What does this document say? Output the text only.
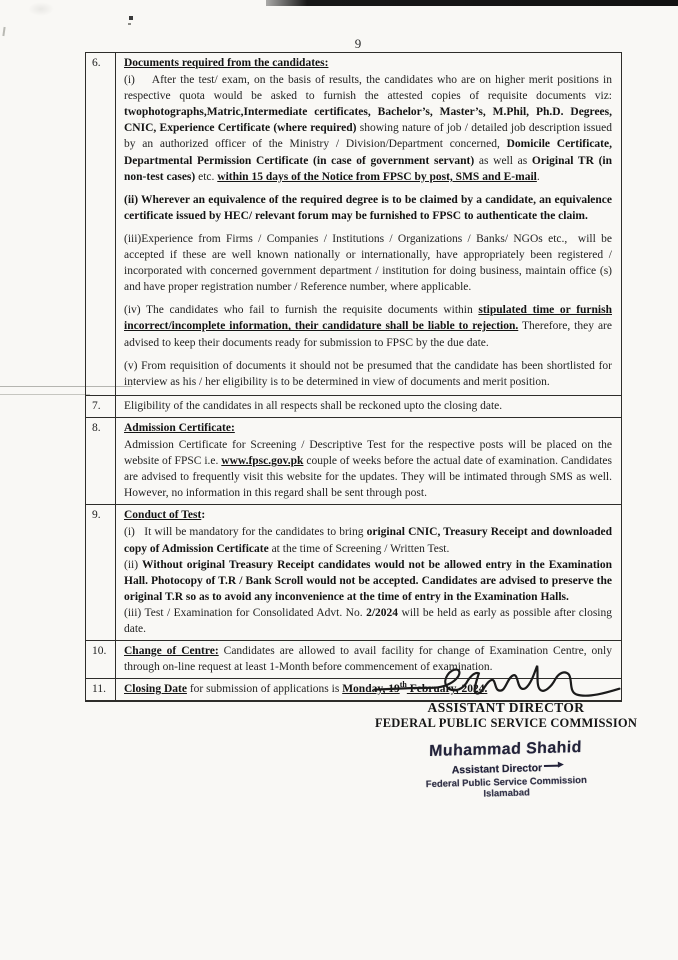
9
6.	Documents required from the candidates:

(i)    After the test/ exam, on the basis of results, the candidates who are on higher merit positions in respective quota would be asked to furnish the attested copies of requisite documents viz: twophotographs,Matric,Intermediate certificates, Bachelor’s, Master’s, M.Phil, Ph.D. Degrees, CNIC, Experience Certificate (where required) showing nature of job / detailed job description issued by an authorized officer of the Ministry / Division/Department concerned, Domicile Certificate, Departmental Permission Certificate (in case of government servant) as well as Original TR (in non-test cases) etc. within 15 days of the Notice from FPSC by post, SMS and E-mail.

(ii) Wherever an equivalence of the required degree is to be claimed by a candidate, an equivalence certificate issued by HEC/ relevant forum may be furnished to FPSC to authenticate the claim.

(iii)Experience from Firms / Companies / Institutions / Organizations / Banks/ NGOs etc.,  will be accepted if these are well known nationally or internationally, have appropriately been registered / incorporated with concerned government department / institution for doing business, maintain office (s) and have proper registration number / Reference number, where applicable.

(iv) The candidates who fail to furnish the requisite documents within stipulated time or furnish incorrect/incomplete information, their candidature shall be liable to rejection. Therefore, they are advised to keep their documents ready for submission to FPSC by the due date.

(v) From requisition of documents it should not be presumed that the candidate has been shortlisted for interview as his / her eligibility is to be determined in view of documents and merit position.

7.	Eligibility of the candidates in all respects shall be reckoned upto the closing date.

8.	Admission Certificate:

Admission Certificate for Screening / Descriptive Test for the respective posts will be placed on the website of FPSC i.e. www.fpsc.gov.pk couple of weeks before the actual date of examination. Candidates are advised to frequently visit this website for the updates. They will be intimated through SMS as well. However, no information in this regard shall be sent through post.

9.	Conduct of Test:

(i)   It will be mandatory for the candidates to bring original CNIC, Treasury Receipt and downloaded copy of Admission Certificate at the time of Screening / Written Test.

(ii) Without original Treasury Receipt candidates would not be allowed entry in the Examination Hall. Photocopy of T.R / Bank Scroll would not be accepted. Candidates are advised to preserve the original T.R so as to avoid any inconvenience at the time of entry in the Examination Halls.

(iii) Test / Examination for Consolidated Advt. No. 2/2024 will be held as early as possible after closing date.

10.	Change of Centre: Candidates are allowed to avail facility for change of Examination Centre, only through on-line request at least 1-Month before commencement of examination.

11.	Closing Date for submission of applications is Monday, 19th February, 2024.

ASSISTANT DIRECTOR
FEDERAL PUBLIC SERVICE COMMISSION
Muhammad Shahid
Assistant Director
Federal Public Service Commission
Islamabad
